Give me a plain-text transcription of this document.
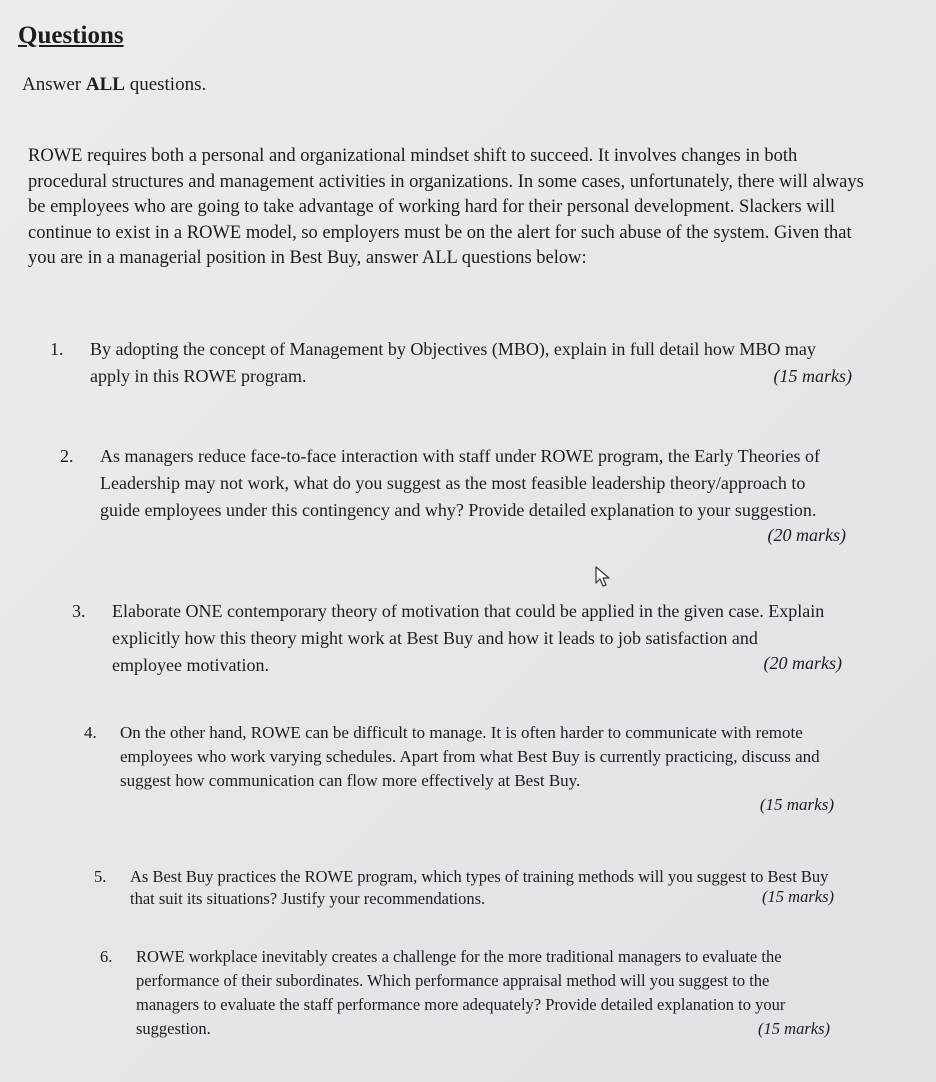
Questions
Answer ALL questions.
ROWE requires both a personal and organizational mindset shift to succeed. It involves changes in both procedural structures and management activities in organizations. In some cases, unfortunately, there will always be employees who are going to take advantage of working hard for their personal development. Slackers will continue to exist in a ROWE model, so employers must be on the alert for such abuse of the system. Given that you are in a managerial position in Best Buy, answer ALL questions below:
1. By adopting the concept of Management by Objectives (MBO), explain in full detail how MBO may apply in this ROWE program.	(15 marks)
2. As managers reduce face-to-face interaction with staff under ROWE program, the Early Theories of Leadership may not work, what do you suggest as the most feasible leadership theory/approach to guide employees under this contingency and why? Provide detailed explanation to your suggestion.
(20 marks)
3. Elaborate ONE contemporary theory of motivation that could be applied in the given case. Explain explicitly how this theory might work at Best Buy and how it leads to job satisfaction and employee motivation.	(20 marks)
4. On the other hand, ROWE can be difficult to manage. It is often harder to communicate with remote employees who work varying schedules. Apart from what Best Buy is currently practicing, discuss and suggest how communication can flow more effectively at Best Buy.
(15 marks)
5. As Best Buy practices the ROWE program, which types of training methods will you suggest to Best Buy that suit its situations? Justify your recommendations.	(15 marks)
6. ROWE workplace inevitably creates a challenge for the more traditional managers to evaluate the performance of their subordinates. Which performance appraisal method will you suggest to the managers to evaluate the staff performance more adequately? Provide detailed explanation to your suggestion.	(15 marks)
